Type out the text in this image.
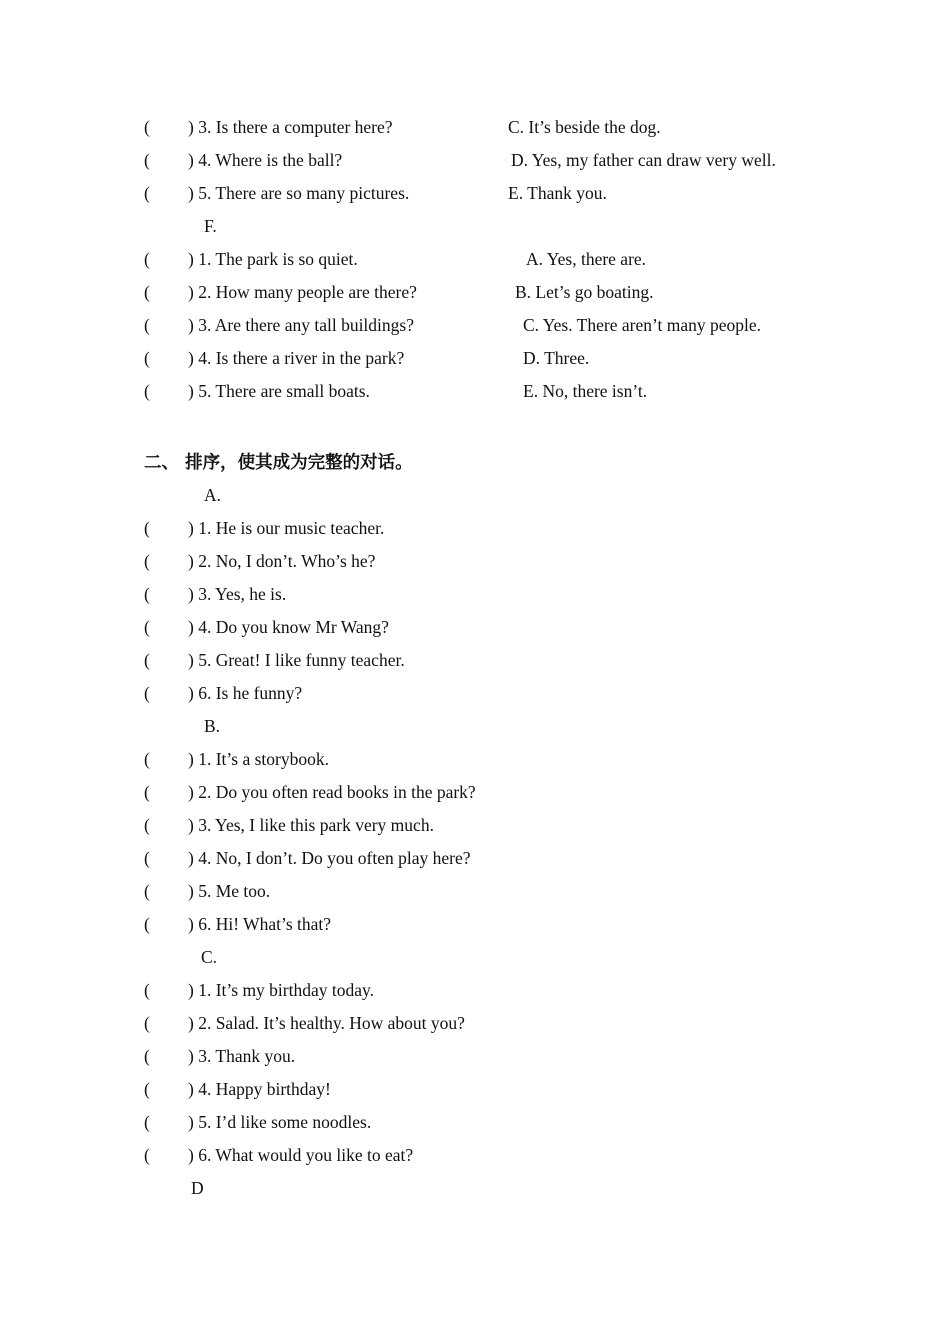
( ) 3. Is there a computer here?	C. It’s beside the dog.
( ) 4. Where is the ball?	D. Yes, my father can draw very well.
( ) 5. There are so many pictures.	E. Thank you.
F.
( ) 1. The park is so quiet.	A. Yes, there are.
( ) 2. How many people are there?	B. Let’s go boating.
( ) 3. Are there any tall buildings?	C. Yes. There aren’t many people.
( ) 4. Is there a river in the park?	D. Three.
( ) 5. There are small boats.	E. No, there isn’t.
二、 排序，使其成为完整的对话。
A.
( ) 1. He is our music teacher.
( ) 2. No, I don’t. Who’s he?
( ) 3. Yes, he is.
( ) 4. Do you know Mr Wang?
( ) 5. Great! I like funny teacher.
( ) 6. Is he funny?
B.
( ) 1. It’s a storybook.
( ) 2. Do you often read books in the park?
( ) 3. Yes, I like this park very much.
( ) 4. No, I don’t. Do you often play here?
( ) 5. Me too.
( ) 6. Hi! What’s that?
C.
( ) 1. It’s my birthday today.
( ) 2. Salad. It’s healthy. How about you?
( ) 3. Thank you.
( ) 4. Happy birthday!
( ) 5. I’d like some noodles.
( ) 6. What would you like to eat?
D
